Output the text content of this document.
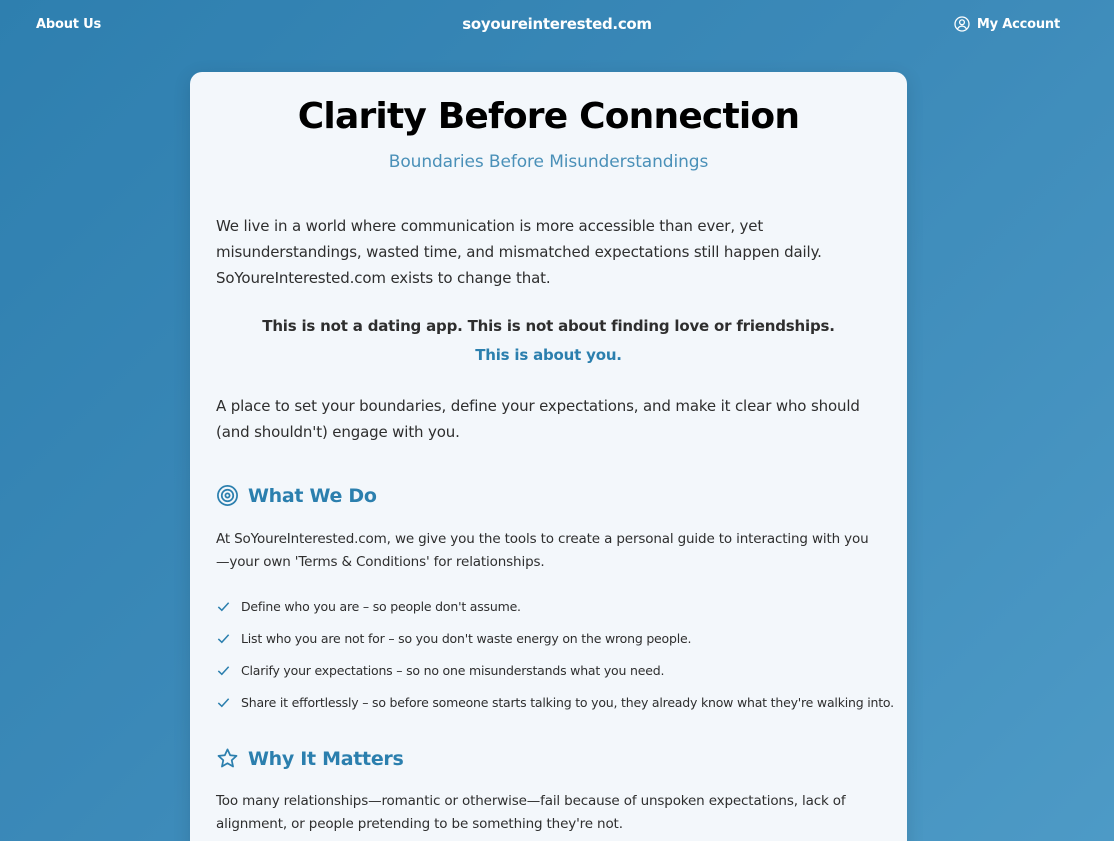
About Us	soyoureinterested.com	My Account
Clarity Before Connection
Boundaries Before Misunderstandings

We live in a world where communication is more accessible than ever, yet misunderstandings, wasted time, and mismatched expectations still happen daily. SoYoureInterested.com exists to change that.

This is not a dating app. This is not about finding love or friendships.
This is about you.

A place to set your boundaries, define your expectations, and make it clear who should (and shouldn't) engage with you.

What We Do

At SoYoureInterested.com, we give you the tools to create a personal guide to interacting with you—your own 'Terms & Conditions' for relationships.

Define who you are – so people don't assume.
List who you are not for – so you don't waste energy on the wrong people.
Clarify your expectations – so no one misunderstands what you need.
Share it effortlessly – so before someone starts talking to you, they already know what they're walking into.
Why It Matters

Too many relationships—romantic or otherwise—fail because of unspoken expectations, lack of alignment, or people pretending to be something they're not.
